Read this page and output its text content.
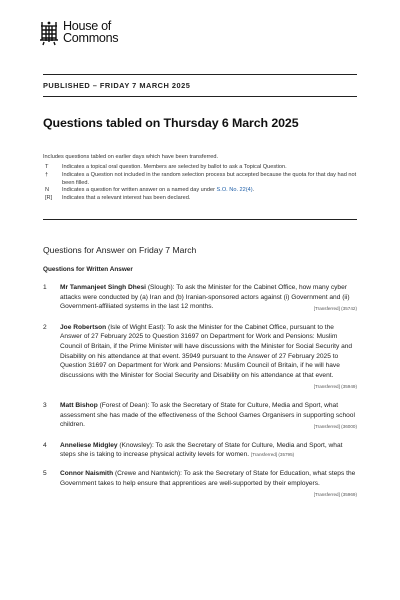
House of
Commons
PUBLISHED – FRIDAY 7 MARCH 2025
Questions tabled on Thursday 6 March 2025
Includes questions tabled on earlier days which have been transferred.
T	Indicates a topical oral question. Members are selected by ballot to ask a Topical Question.
†	Indicates a Question not included in the random selection process but accepted because the quota for that day had not been filled.
N	Indicates a question for written answer on a named day under S.O. No. 22(4).
[R]	Indicates that a relevant interest has been declared.
Questions for Answer on Friday 7 March
Questions for Written Answer
1	Mr Tanmanjeet Singh Dhesi (Slough): To ask the Minister for the Cabinet Office, how many cyber attacks were conducted by (a) Iran and (b) Iranian-sponsored actors against (i) Government and (ii) Government-affiliated systems in the last 12 months.	[Transferred] (35742)
2	Joe Robertson (Isle of Wight East): To ask the Minister for the Cabinet Office, pursuant to the Answer of 27 February 2025 to Question 31697 on Department for Work and Pensions: Muslim Council of Britain, if the Prime Minister will have discussions with the Minister for Social Security and Disability on his attendance at that event. 35949 pursuant to the Answer of 27 February 2025 to Question 31697 on Department for Work and Pensions: Muslim Council of Britain, if he will have discussions with the Minister for Social Security and Disability on his attendance at that event.
[Transferred] (35949)
3	Matt Bishop (Forest of Dean): To ask the Secretary of State for Culture, Media and Sport, what assessment she has made of the effectiveness of the School Games Organisers in supporting school children.	[Transferred] (36000)
4	Anneliese Midgley (Knowsley): To ask the Secretary of State for Culture, Media and Sport, what steps she is taking to increase physical activity levels for women. [Transferred] (35795)
5	Connor Naismith (Crewe and Nantwich): To ask the Secretary of State for Education, what steps the Government takes to help ensure that apprentices are well-supported by their employers.
[Transferred] (35969)
